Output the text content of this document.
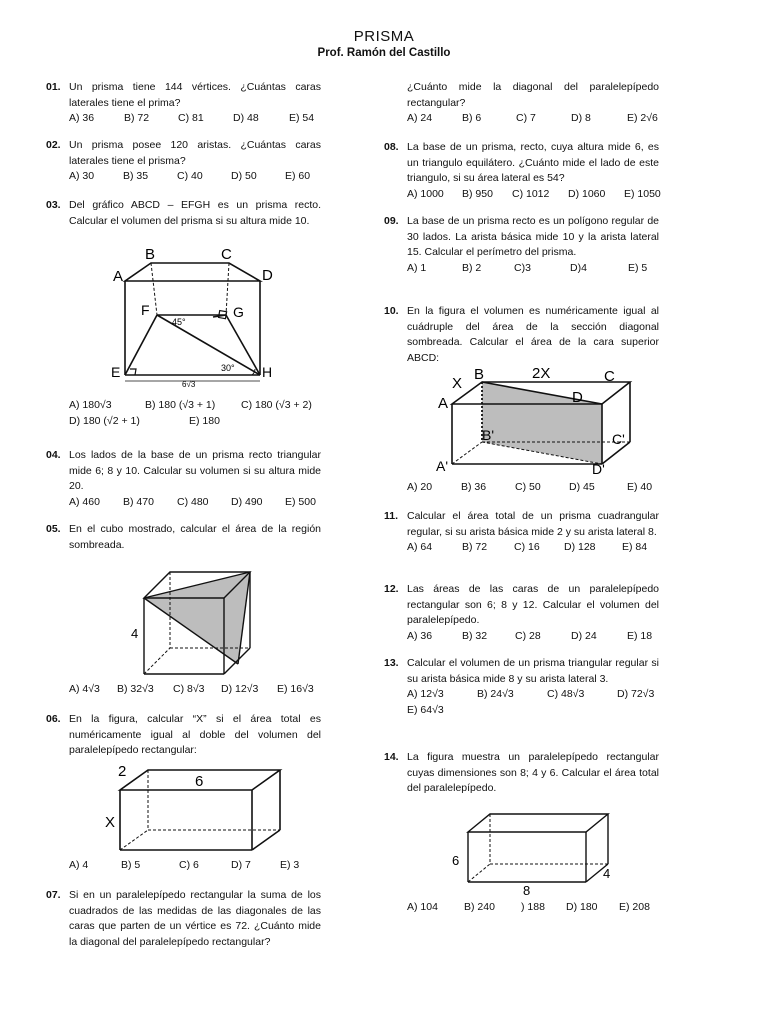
PRISMA
Prof. Ramón del Castillo
01. Un prisma tiene 144 vértices. ¿Cuántas caras laterales tiene el prima?
A) 36	B) 72	C) 81	D) 48	E) 54
02. Un prisma posee 120 aristas. ¿Cuántas caras laterales tiene el prisma?
A) 30	B) 35	C) 40	D) 50	E) 60
03. Del gráfico ABCD – EFGH es un prisma recto. Calcular el volumen del prisma si su altura mide 10.
A
B	C
D
F	G
E	H
45°
30°
6√3
A) 180√3	B) 180 (√3 + 1) C) 180 (√3 + 2)
D) 180 (√2 + 1)	E) 180
04. Los lados de la base de un prisma recto triangular mide 6; 8 y 10. Calcular su volumen si su altura mide 20.
A) 460 B) 470 C) 480 D) 490 E) 500
05. En el cubo mostrado, calcular el área de la región sombreada.
4
A) 4√3 B) 32√3 C) 8√3 D) 12√3 E) 16√3
06. En la figura, calcular “X” si el área total es numéricamente igual al doble del volumen del paralelepípedo rectangular:
2
6
X
A) 4	B) 5	C) 6	D) 7	E) 3
07. Si en un paralelepípedo rectangular la suma de los cuadrados de las medidas de las diagonales de las caras que parten de un vértice es 72. ¿Cuánto mide la diagonal del paralelepípedo rectangular?
¿Cuánto mide la diagonal del paralelepípedo rectangular?
A) 24	B) 6	C) 7	D) 8	E) 2√6
08. La base de un prisma, recto, cuya altura mide 6, es un triangulo equilátero. ¿Cuánto mide el lado de este triangulo, si su área lateral es 54?
A) 1000 B) 950 C) 1012 D) 1060 E) 1050
09. La base de un prisma recto es un polígono regular de 30 lados. La arista básica mide 10 y la arista lateral 15. Calcular el perímetro del prisma.
A) 1	B) 2	C)3	D)4	E) 5
10. En la figura el volumen es numéricamente igual al cuádruple del área de la sección diagonal sombreada. Calcular el área de la cara superior ABCD:
X
B	2X	C
A	D
B'	C'
A'	D'
A) 20	B) 36	C) 50	D) 45	E) 40
11. Calcular el área total de un prisma cuadrangular regular, si su arista básica mide 2 y su arista lateral 8.
A) 64	B) 72	C) 16 D) 128	E) 84
12. Las áreas de las caras de un paralelepípedo rectangular son 6; 8 y 12. Calcular el volumen del paralelepípedo.
A) 36	B) 32	C) 28	D) 24	E) 18
13. Calcular el volumen de un prisma triangular regular si su arista básica mide 8 y su arista lateral 3.
A) 12√3	B) 24√3	C) 48√3	D) 72√3
E) 64√3
14. La figura muestra un paralelepípedo rectangular cuyas dimensiones son 8; 4 y 6. Calcular el área total del paralelepípedo.
6
8
4
A) 104 B) 240 ) 188 D) 180 E) 208
